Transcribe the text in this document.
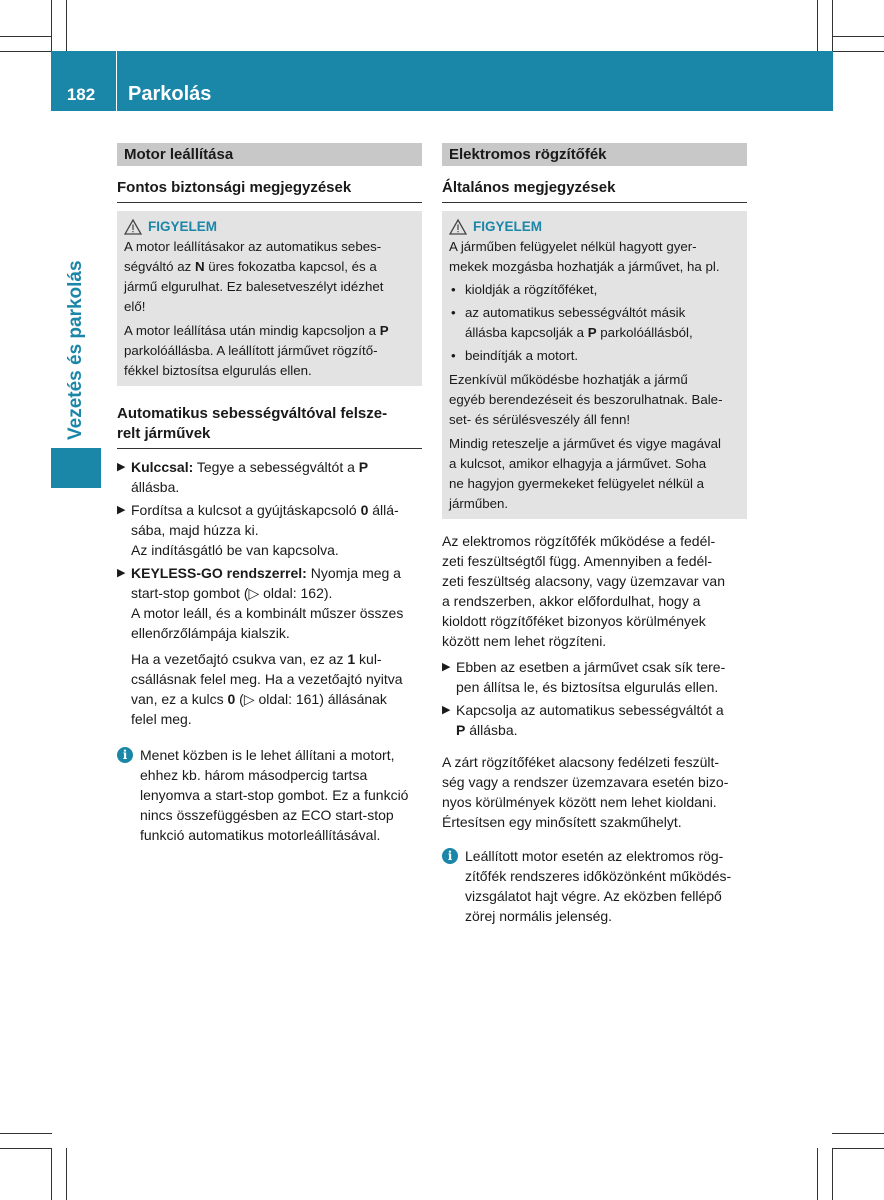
182	Parkolás
Vezetés és parkolás
Motor leállítása
Fontos biztonsági megjegyzések
FIGYELEM

A motor leállításakor az automatikus sebes-
ségváltó az N üres fokozatba kapcsol, és a
jármű elgurulhat. Ez balesetveszélyt idézhet
elő!

A motor leállítása után mindig kapcsoljon a P
parkolóállásba. A leállított járművet rögzítő-
fékkel biztosítsa elgurulás ellen.

Automatikus sebességváltóval felsze-
relt járművek
▶ Kulccsal: Tegye a sebességváltót a P

állásba.

▶ Fordítsa a kulcsot a gyújtáskapcsoló 0 állá-

sába, majd húzza ki.

Az indításgátló be van kapcsolva.

▶ KEYLESS-GO rendszerrel: Nyomja meg a

start-stop gombot (▷ oldal: 162).

A motor leáll, és a kombinált műszer összes

ellenőrzőlámpája kialszik.

Ha a vezetőajtó csukva van, ez az 1 kul-

csállásnak felel meg. Ha a vezetőajtó nyitva

van, ez a kulcs 0 (▷ oldal: 161) állásának

felel meg.

i Menet közben is le lehet állítani a motort,
ehhez kb. három másodpercig tartsa
lenyomva a start-stop gombot. Ez a funkció
nincs összefüggésben az ECO start-stop
funkció automatikus motorleállításával.
Elektromos rögzítőfék
Általános megjegyzések
FIGYELEM

A járműben felügyelet nélkül hagyott gyer-
mekek mozgásba hozhatják a járművet, ha pl.

• kioldják a rögzítőféket,
• az automatikus sebességváltót másik
állásba kapcsolják a P parkolóállásból,
• beindítják a motort.

Ezenkívül működésbe hozhatják a jármű
egyéb berendezéseit és beszorulhatnak. Bale-
set- és sérülésveszély áll fenn!

Mindig reteszelje a járművet és vigye magával
a kulcsot, amikor elhagyja a járművet. Soha
ne hagyjon gyermekeket felügyelet nélkül a
járműben.

Az elektromos rögzítőfék működése a fedél-
zeti feszültségtől függ. Amennyiben a fedél-
zeti feszültség alacsony, vagy üzemzavar van
a rendszerben, akkor előfordulhat, hogy a
kioldott rögzítőféket bizonyos körülmények
között nem lehet rögzíteni.
▶ Ebben az esetben a járművet csak sík tere-

pen állítsa le, és biztosítsa elgurulás ellen.

▶ Kapcsolja az automatikus sebességváltót a

P állásba.

A zárt rögzítőféket alacsony fedélzeti feszült-
ség vagy a rendszer üzemzavara esetén bizo-
nyos körülmények között nem lehet kioldani.
Értesítsen egy minősített szakműhelyt.
i Leállított motor esetén az elektromos rög-
zítőfék rendszeres időközönként működés-
vizsgálatot hajt végre. Az eközben fellépő
zörej normális jelenség.
